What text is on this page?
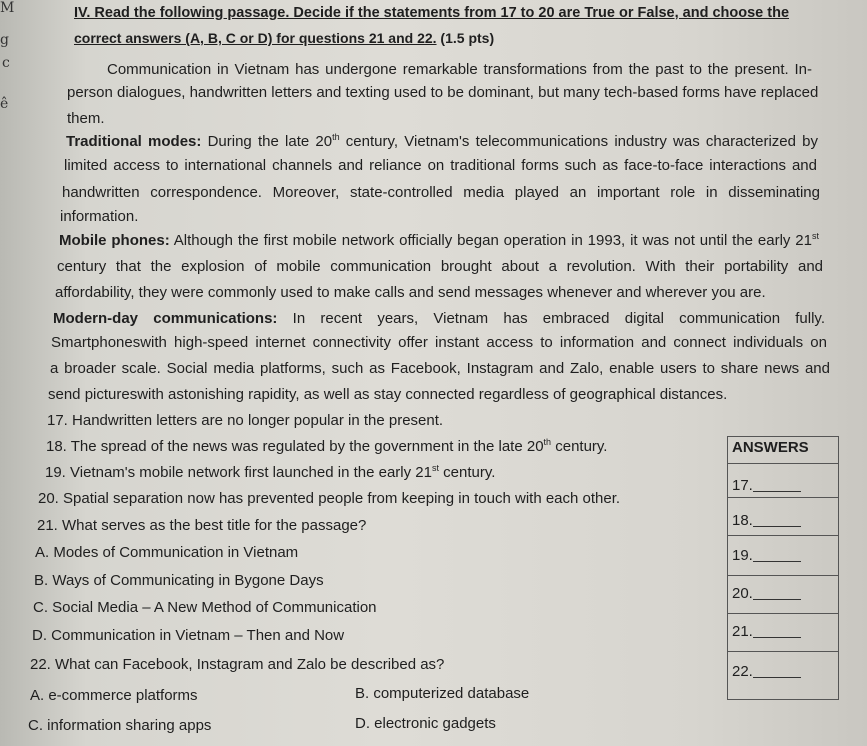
M
g
c
ê
IV. Read the following passage. Decide if the statements from 17 to 20 are True or False, and choose the
correct answers (A, B, C or D) for questions 21 and 22. (1.5 pts)
Communication in Vietnam has undergone remarkable transformations from the past to the present. In-
person dialogues, handwritten letters and texting used to be dominant, but many tech-based forms have replaced
them.
Traditional modes: During the late 20th century, Vietnam's telecommunications industry was characterized by
limited access to international channels and reliance on traditional forms such as face-to-face interactions and
handwritten correspondence. Moreover, state-controlled media played an important role in disseminating
information.
Mobile phones: Although the first mobile network officially began operation in 1993, it was not until the early 21st
century that the explosion of mobile communication brought about a revolution. With their portability and
affordability, they were commonly used to make calls and send messages whenever and wherever you are.
Modern-day communications: In recent years, Vietnam has embraced digital communication fully.
Smartphoneswith high-speed internet connectivity offer instant access to information and connect individuals on
a broader scale. Social media platforms, such as Facebook, Instagram and Zalo, enable users to share news and
send pictureswith astonishing rapidity, as well as stay connected regardless of geographical distances.
17. Handwritten letters are no longer popular in the present.
18. The spread of the news was regulated by the government in the late 20th century.
19. Vietnam's mobile network first launched in the early 21st century.
20. Spatial separation now has prevented people from keeping in touch with each other.
21. What serves as the best title for the passage?
A. Modes of Communication in Vietnam
B. Ways of Communicating in Bygone Days
C. Social Media – A New Method of Communication
D. Communication in Vietnam – Then and Now
22. What can Facebook, Instagram and Zalo be described as?
A. e-commerce platforms	B. computerized database
C. information sharing apps	D. electronic gadgets
ANSWERS
17.
18.
19.
20.
21.
22.
